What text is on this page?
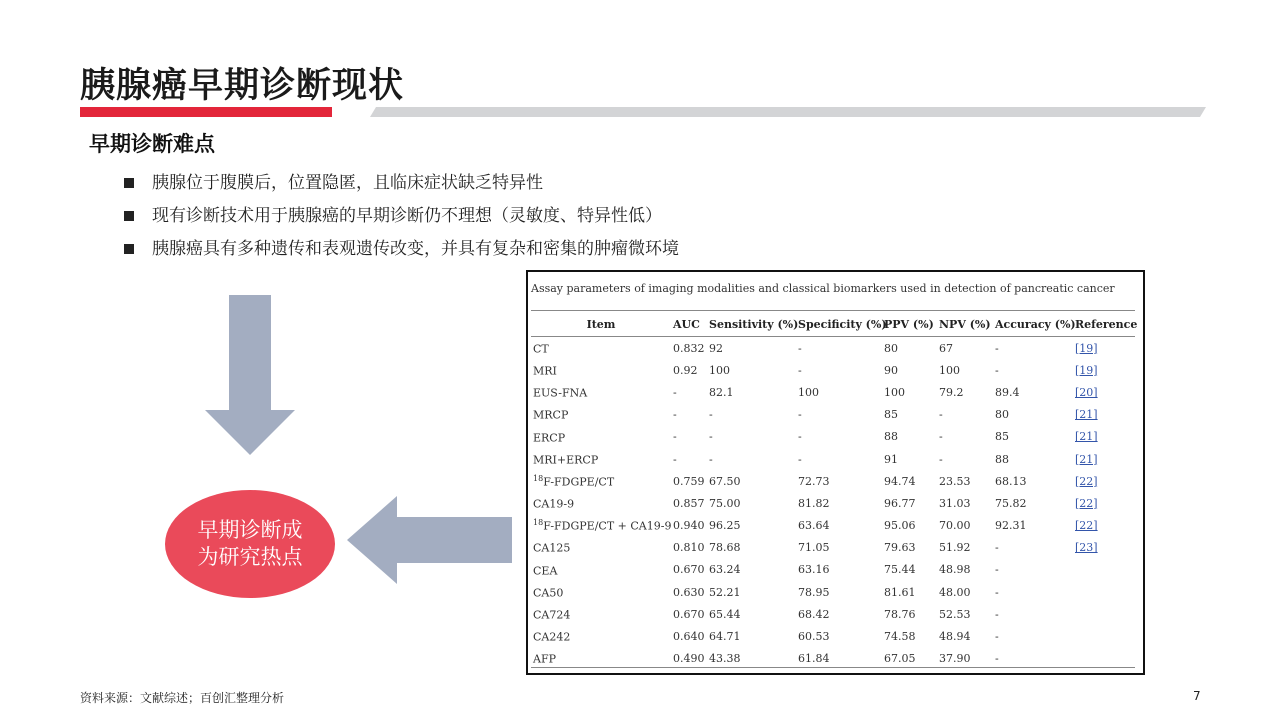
胰腺癌早期诊断现状
早期诊断难点
胰腺位于腹膜后，位置隐匿，且临床症状缺乏特异性
现有诊断技术用于胰腺癌的早期诊断仍不理想（灵敏度、特异性低）
胰腺癌具有多种遗传和表观遗传改变，并具有复杂和密集的肿瘤微环境
早期诊断成为研究热点
Assay parameters of imaging modalities and classical biomarkers used in detection of pancreatic cancer
Item	AUC	Sensitivity (%)	Specificity (%)	PPV (%)	NPV (%)	Accuracy (%)	Reference
CT	0.832	92	-	80	67	-	[19]
MRI	0.92	100	-	90	100	-	[19]
EUS-FNA	-	82.1	100	100	79.2	89.4	[20]
MRCP	-	-	-	85	-	80	[21]
ERCP	-	-	-	88	-	85	[21]
MRI+ERCP	-	-	-	91	-	88	[21]
$^{18}$F-FDGPE/CT	0.759	67.50	72.73	94.74	23.53	68.13	[22]
CA19-9	0.857	75.00	81.82	96.77	31.03	75.82	[22]
$^{18}$F-FDGPE/CT + CA19-9	0.940	96.25	63.64	95.06	70.00	92.31	[22]
CA125	0.810	78.68	71.05	79.63	51.92	-	[23]
CEA	0.670	63.24	63.16	75.44	48.98	-	
CA50	0.630	52.21	78.95	81.61	48.00	-	
CA724	0.670	65.44	68.42	78.76	52.53	-	
CA242	0.640	64.71	60.53	74.58	48.94	-	
AFP	0.490	43.38	61.84	67.05	37.90	-	
资料来源：文献综述；百创汇整理分析	7
